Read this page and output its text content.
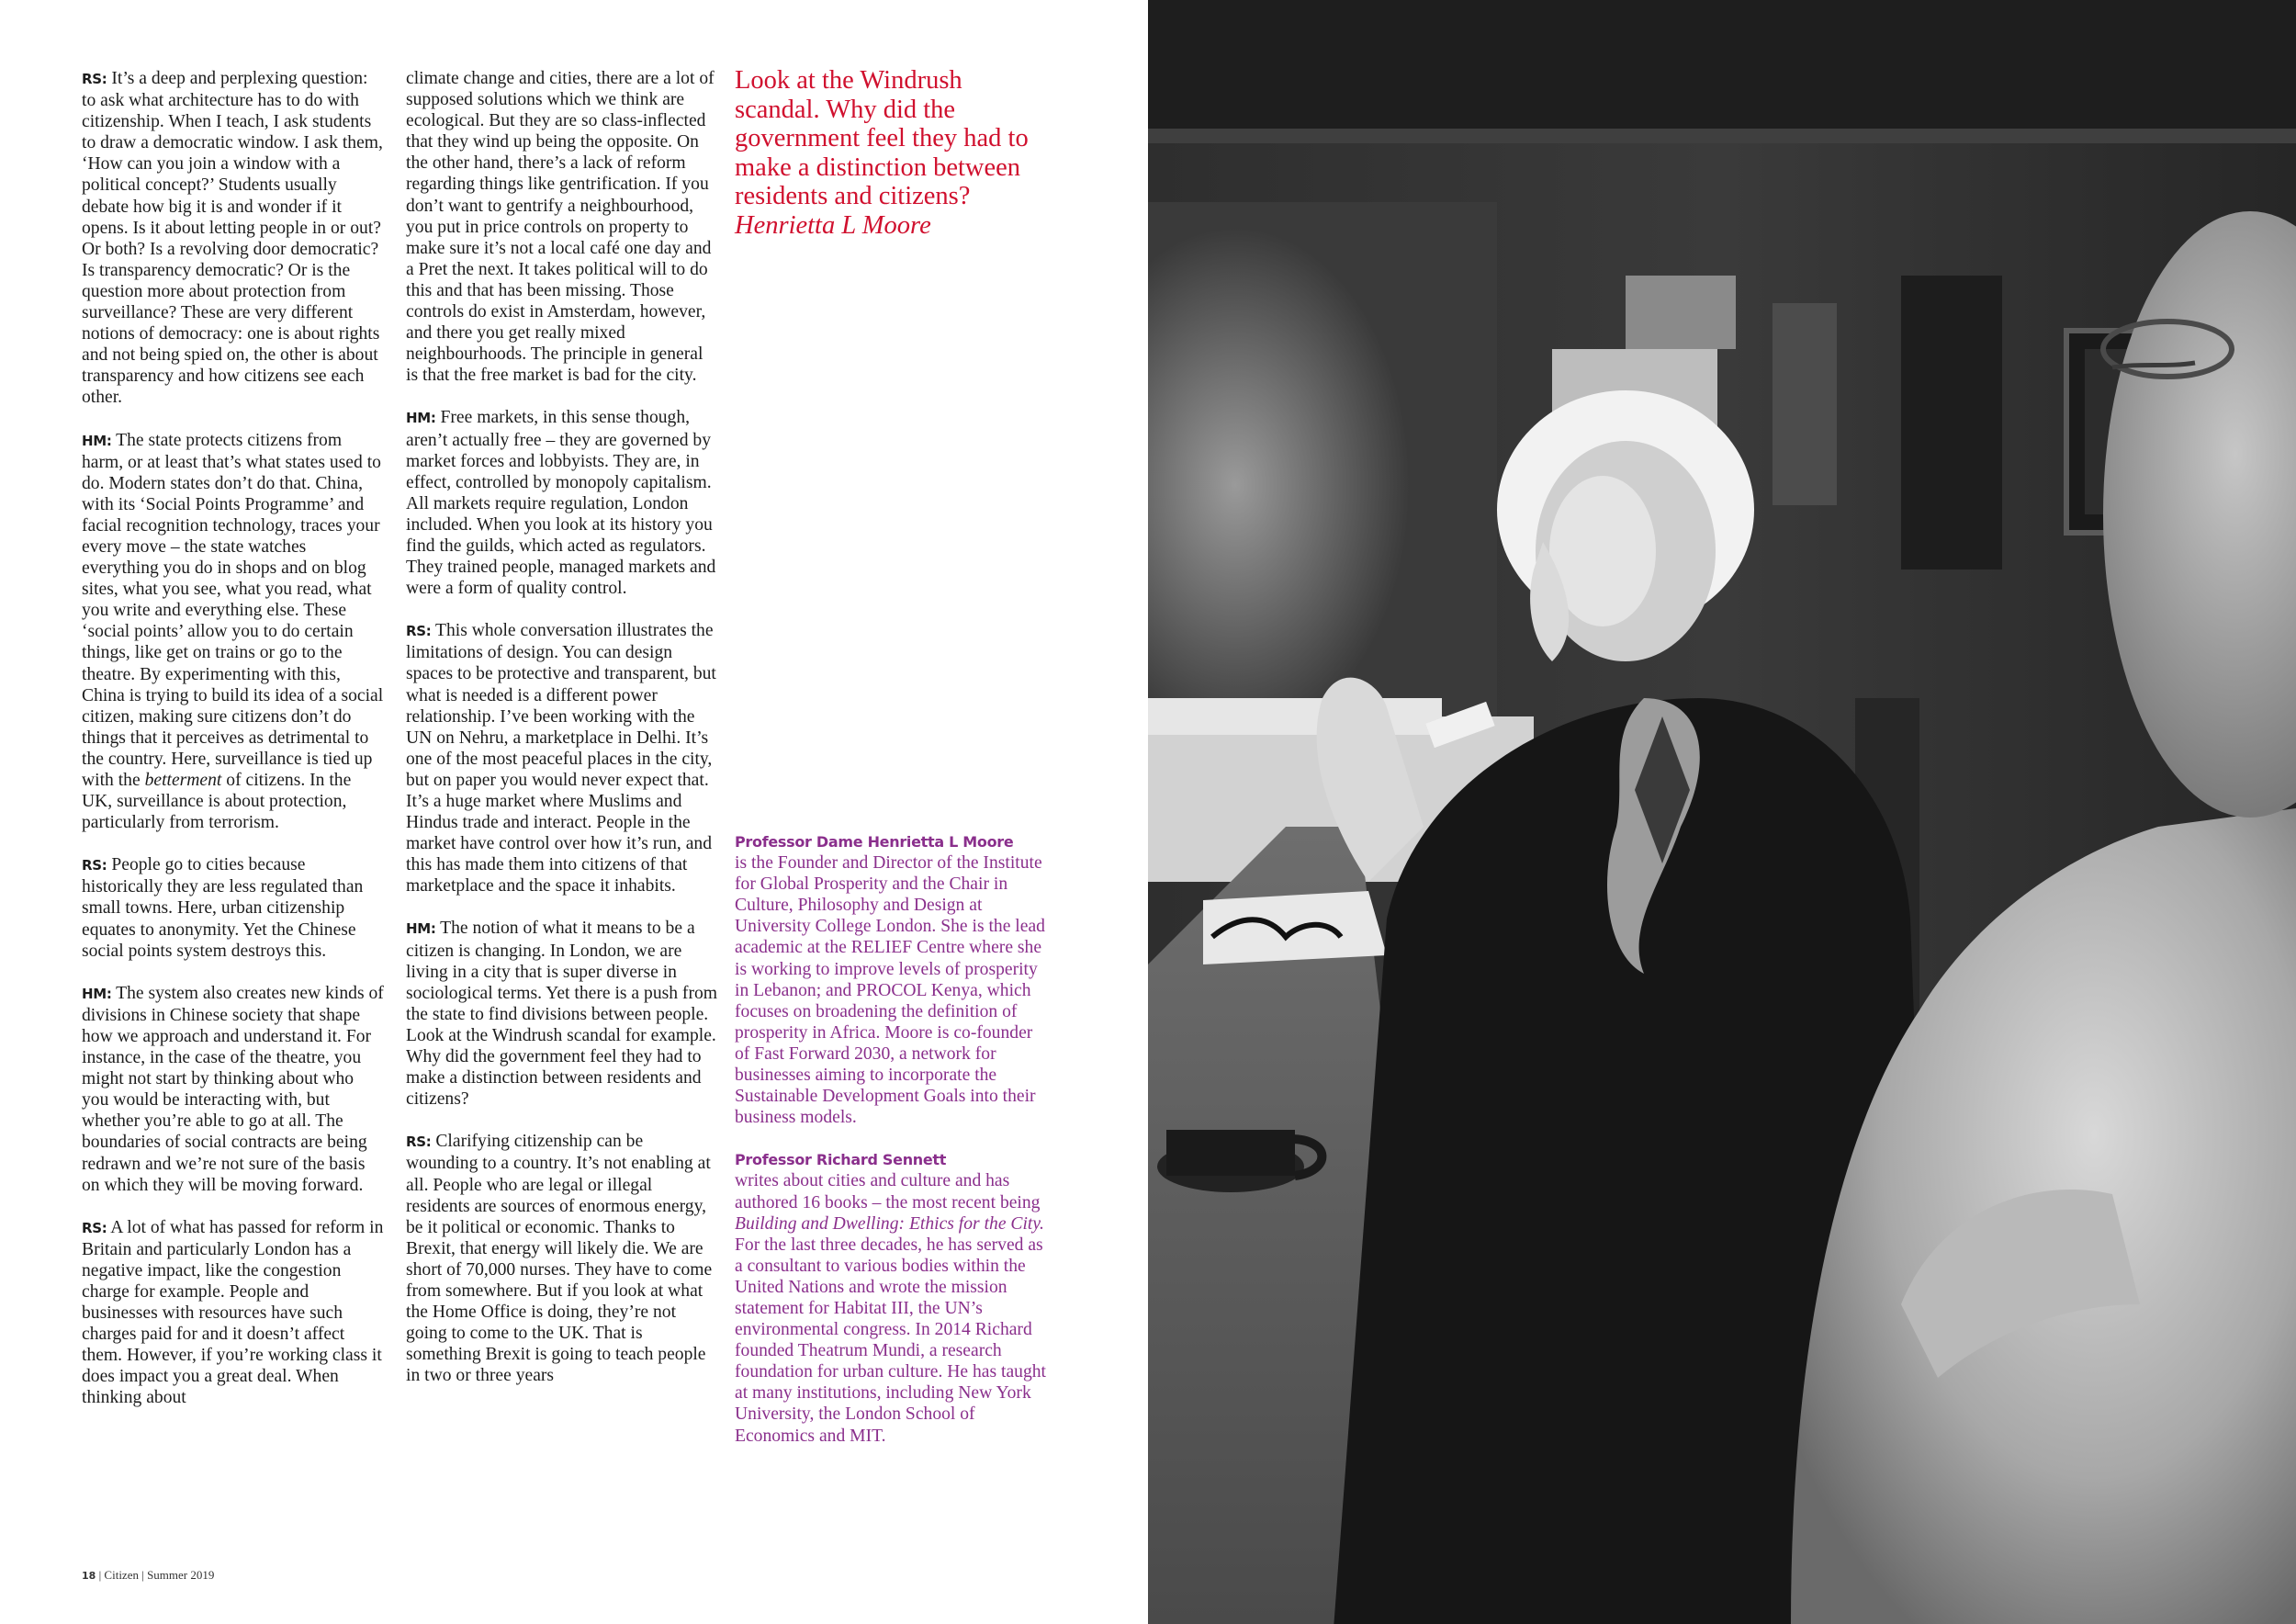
RS: It’s a deep and perplexing question: to ask what architecture has to do with citizenship. When I teach, I ask students to draw a democratic window. I ask them, ‘How can you join a window with a political concept?’ Students usually debate how big it is and wonder if it opens. Is it about letting people in or out? Or both? Is a revolving door democratic? Is transparency democratic? Or is the question more about protection from surveillance? These are very different notions of democracy: one is about rights and not being spied on, the other is about transparency and how citizens see each other.

HM: The state protects citizens from harm, or at least that’s what states used to do. Modern states don’t do that. China, with its ‘Social Points Programme’ and facial recognition technology, traces your every move – the state watches everything you do in shops and on blog sites, what you see, what you read, what you write and everything else. These ‘social points’ allow you to do certain things, like get on trains or go to the theatre. By experimenting with this, China is trying to build its idea of a social citizen, making sure citizens don’t do things that it perceives as detrimental to the country. Here, surveillance is tied up with the betterment of citizens. In the UK, surveillance is about protection, particularly from terrorism.

RS: People go to cities because historically they are less regulated than small towns. Here, urban citizenship equates to anonymity. Yet the Chinese social points system destroys this.

HM: The system also creates new kinds of divisions in Chinese society that shape how we approach and understand it. For instance, in the case of the theatre, you might not start by thinking about who you would be interacting with, but whether you’re able to go at all. The boundaries of social contracts are being redrawn and we’re not sure of the basis on which they will be moving forward.

RS: A lot of what has passed for reform in Britain and particularly London has a negative impact, like the congestion charge for example. People and businesses with resources have such charges paid for and it doesn’t affect them. However, if you’re working class it does impact you a great deal. When thinking about

climate change and cities, there are a lot of supposed solutions which we think are ecological. But they are so class-inflected that they wind up being the opposite. On the other hand, there’s a lack of reform regarding things like gentrification. If you don’t want to gentrify a neighbourhood, you put in price controls on property to make sure it’s not a local café one day and a Pret the next. It takes political will to do this and that has been missing. Those controls do exist in Amsterdam, however, and there you get really mixed neighbourhoods. The principle in general is that the free market is bad for the city.

HM: Free markets, in this sense though, aren’t actually free – they are governed by market forces and lobbyists. They are, in effect, controlled by monopoly capitalism. All markets require regulation, London included. When you look at its history you find the guilds, which acted as regulators. They trained people, managed markets and were a form of quality control.

RS: This whole conversation illustrates the limitations of design. You can design spaces to be protective and transparent, but what is needed is a different power relationship. I’ve been working with the UN on Nehru, a marketplace in Delhi. It’s one of the most peaceful places in the city, but on paper you would never expect that. It’s a huge market where Muslims and Hindus trade and interact. People in the market have control over how it’s run, and this has made them into citizens of that marketplace and the space it inhabits.

HM: The notion of what it means to be a citizen is changing. In London, we are living in a city that is super diverse in sociological terms. Yet there is a push from the state to find divisions between people. Look at the Windrush scandal for example. Why did the government feel they had to make a distinction between residents and citizens?

RS: Clarifying citizenship can be wounding to a country. It’s not enabling at all. People who are legal or illegal residents are sources of enormous energy, be it political or economic. Thanks to Brexit, that energy will likely die. We are short of 70,000 nurses. They have to come from somewhere. But if you look at what the Home Office is doing, they’re not going to come to the UK. That is something Brexit is going to teach people in two or three years

Look at the Windrush scandal. Why did the government feel they had to make a distinction between residents and citizens?
Henrietta L Moore
Professor Dame Henrietta L Moore
is the Founder and Director of the Institute for Global Prosperity and the Chair in Culture, Philosophy and Design at University College London. She is the lead academic at the RELIEF Centre where she is working to improve levels of prosperity in Lebanon; and PROCOL Kenya, which focuses on broadening the definition of prosperity in Africa. Moore is co-founder of Fast Forward 2030, a network for businesses aiming to incorporate the Sustainable Development Goals into their business models.
Professor Richard Sennett
writes about cities and culture and has authored 16 books – the most recent being Building and Dwelling: Ethics for the City. For the last three decades, he has served as a consultant to various bodies within the United Nations and wrote the mission statement for Habitat III, the UN’s environmental congress. In 2014 Richard founded Theatrum Mundi, a research foundation for urban culture. He has taught at many institutions, including New York University, the London School of Economics and MIT.
18 | Citizen | Summer 2019
